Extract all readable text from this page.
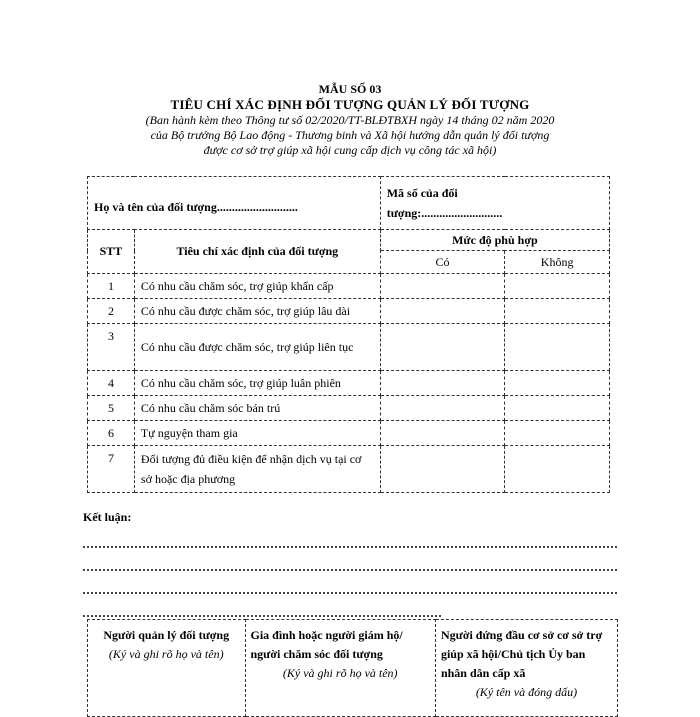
MẪU SỐ 03
TIÊU CHÍ XÁC ĐỊNH ĐỐI TƯỢNG QUẢN LÝ ĐỐI TƯỢNG
(Ban hành kèm theo Thông tư số 02/2020/TT-BLĐTBXH ngày 14 tháng 02 năm 2020
của Bộ trưởng Bộ Lao động - Thương binh và Xã hội hướng dẫn quản lý đối tượng
được cơ sở trợ giúp xã hội cung cấp dịch vụ công tác xã hội)
Họ và tên của đối tượng...........................		Mã số của đối
tượng:...........................	

STT	Tiêu chí xác định của đối tượng	Mức độ phù hợp	
		Có	Không
1	Có nhu cầu chăm sóc, trợ giúp khẩn cấp		
2	Có nhu cầu được chăm sóc, trợ giúp lâu dài		
3	Có nhu cầu được chăm sóc, trợ giúp liên tục		
4	Có nhu cầu chăm sóc, trợ giúp luân phiên		
5	Có nhu cầu chăm sóc bán trú		
6	Tự nguyện tham gia		
7	Đối tượng đủ điều kiện để nhận dịch vụ tại cơ sở hoặc địa phương		
Kết luận:
Người quản lý đối tượng
(Ký và ghi rõ họ và tên)

Gia đình hoặc người giám hộ/ người chăm sóc đối tượng
(Ký và ghi rõ họ và tên)

Người đứng đầu cơ sở cơ sở trợ giúp xã hội/Chủ tịch Ủy ban nhân dân cấp xã
(Ký tên và đóng dấu)
